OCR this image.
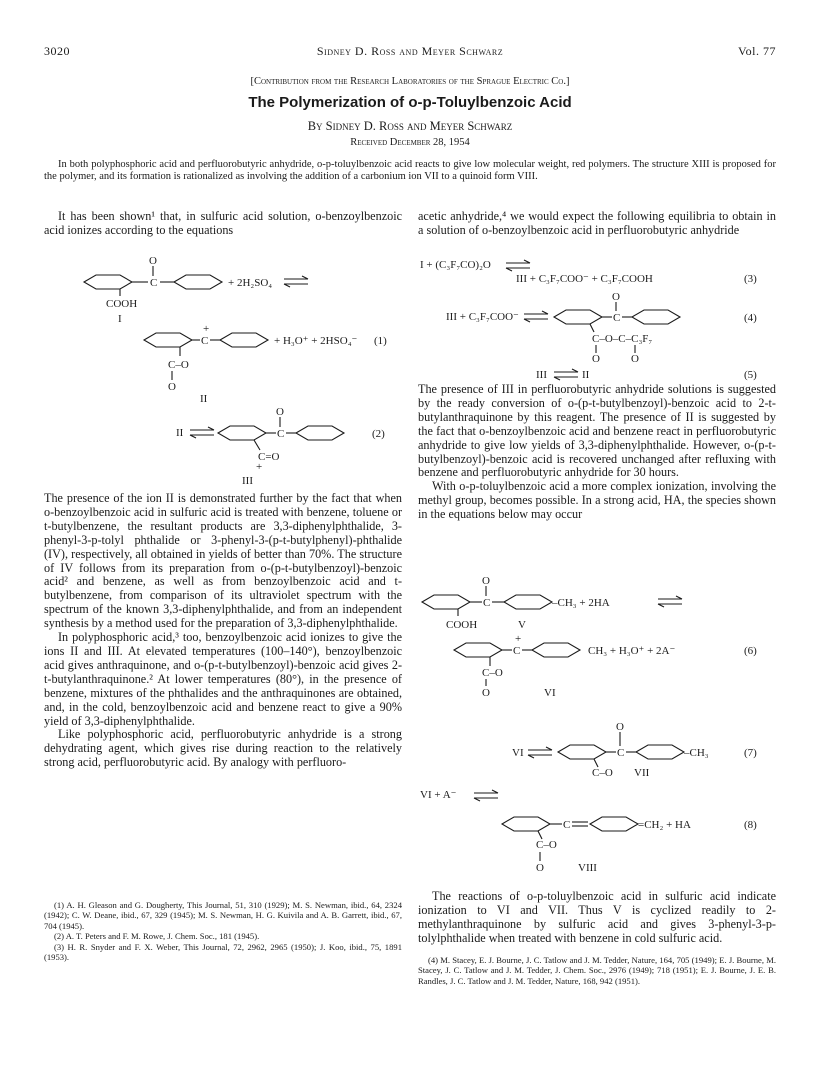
3020	Sidney D. Ross and Meyer Schwarz	Vol. 77
[Contribution from the Research Laboratories of the Sprague Electric Co.]
The Polymerization of o-p-Toluylbenzoic Acid
By Sidney D. Ross and Meyer Schwarz
Received December 28, 1954
In both polyphosphoric acid and perfluorobutyric anhydride, o-p-toluylbenzoic acid reacts to give low molecular weight, red polymers. The structure XIII is proposed for the polymer, and its formation is rationalized as involving the addition of a carbonium ion VII to a quinoid form VIII.

It has been shown¹ that, in sulfuric acid solution, o-benzoylbenzoic acid ionizes according to the equations

C
O
+ 2H₂SO₄
COOH
I
C
+
+ H₃O⁺ + 2HSO₄⁻ (1)
C–O
O
II
II	C
O
(2)
C=O
+
III

The presence of the ion II is demonstrated further by the fact that when o-benzoylbenzoic acid in sulfuric acid is treated with benzene, toluene or t-butylbenzene, the resultant products are 3,3-diphenylphthalide, 3-phenyl-3-p-tolyl phthalide or 3-phenyl-3-(p-t-butylphenyl)-phthalide (IV), respectively, all obtained in yields of better than 70%. The structure of IV follows from its preparation from o-(p-t-butylbenzoyl)-benzoic acid² and benzene, as well as from benzoylbenzoic acid and t-butylbenzene, from comparison of its ultraviolet spectrum with the spectrum of the known 3,3-diphenylphthalide, and from an independent synthesis by a method used for the preparation of 3,3-diphenylphthalide.

In polyphosphoric acid,³ too, benzoylbenzoic acid ionizes to give the ions II and III. At elevated temperatures (100–140°), benzoylbenzoic acid gives anthraquinone, and o-(p-t-butylbenzoyl)-benzoic acid gives 2-t-butylanthraquinone.² At lower temperatures (80°), in the presence of benzene, mixtures of the phthalides and the anthraquinones are obtained, and, in the cold, benzoylbenzoic acid and benzene react to give a 90% yield of 3,3-diphenylphthalide.

Like polyphosphoric acid, perfluorobutyric anhydride is a strong dehydrating agent, which gives rise during reaction to the relatively strong acid, perfluorobutyric acid. By analogy with perfluoro-

(1) A. H. Gleason and G. Dougherty, This Journal, 51, 310 (1929); M. S. Newman, ibid., 64, 2324 (1942); C. W. Deane, ibid., 67, 329 (1945); M. S. Newman, H. G. Kuivila and A. B. Garrett, ibid., 67, 704 (1945).

(2) A. T. Peters and F. M. Rowe, J. Chem. Soc., 181 (1945).

(3) H. R. Snyder and F. X. Weber, This Journal, 72, 2962, 2965 (1950); J. Koo, ibid., 75, 1891 (1953).

acetic anhydride,⁴ we would expect the following equilibria to obtain in a solution of o-benzoylbenzoic acid in perfluorobutyric anhydride

I + (C₃F₇CO)₂O
III + C₃F₇COO⁻ + C₃F₇COOH	(3)
III + C₃F₇COO⁻	C
O
(4)
C–O–C–C₃F₇
O	O
III	II	(5)

The presence of III in perfluorobutyric anhydride solutions is suggested by the ready conversion of o-(p-t-butylbenzoyl)-benzoic acid to 2-t-butylanthraquinone by this reagent. The presence of II is suggested by the fact that o-benzoylbenzoic acid and benzene react in perfluorobutyric anhydride to give low yields of 3,3-diphenylphthalide. However, o-(p-t-butylbenzoyl)-benzoic acid is recovered unchanged after refluxing with benzene and perfluorobutyric anhydride for 30 hours.

With o-p-toluylbenzoic acid a more complex ionization, involving the methyl group, becomes possible. In a strong acid, HA, the species shown in the equations below may occur

C
O
–CH₃ + 2HA
COOH	V
C
+
CH₃ + H₃O⁺ + 2A⁻	(6)
C–O
O	VI
VI	C
O
–CH₃	(7)
C–O VII
VI + A⁻
C	=CH₂ + HA	(8)
C–O
O	VIII

The reactions of o-p-toluylbenzoic acid in sulfuric acid indicate ionization to VI and VII. Thus V is cyclized readily to 2-methylanthraquinone by sulfuric acid and gives 3-phenyl-3-p-tolylphthalide when treated with benzene in cold sulfuric acid.

(4) M. Stacey, E. J. Bourne, J. C. Tatlow and J. M. Tedder, Nature, 164, 705 (1949); E. J. Bourne, M. Stacey, J. C. Tatlow and J. M. Tedder, J. Chem. Soc., 2976 (1949); 718 (1951); E. J. Bourne, J. E. B. Randles, J. C. Tatlow and J. M. Tedder, Nature, 168, 942 (1951).
